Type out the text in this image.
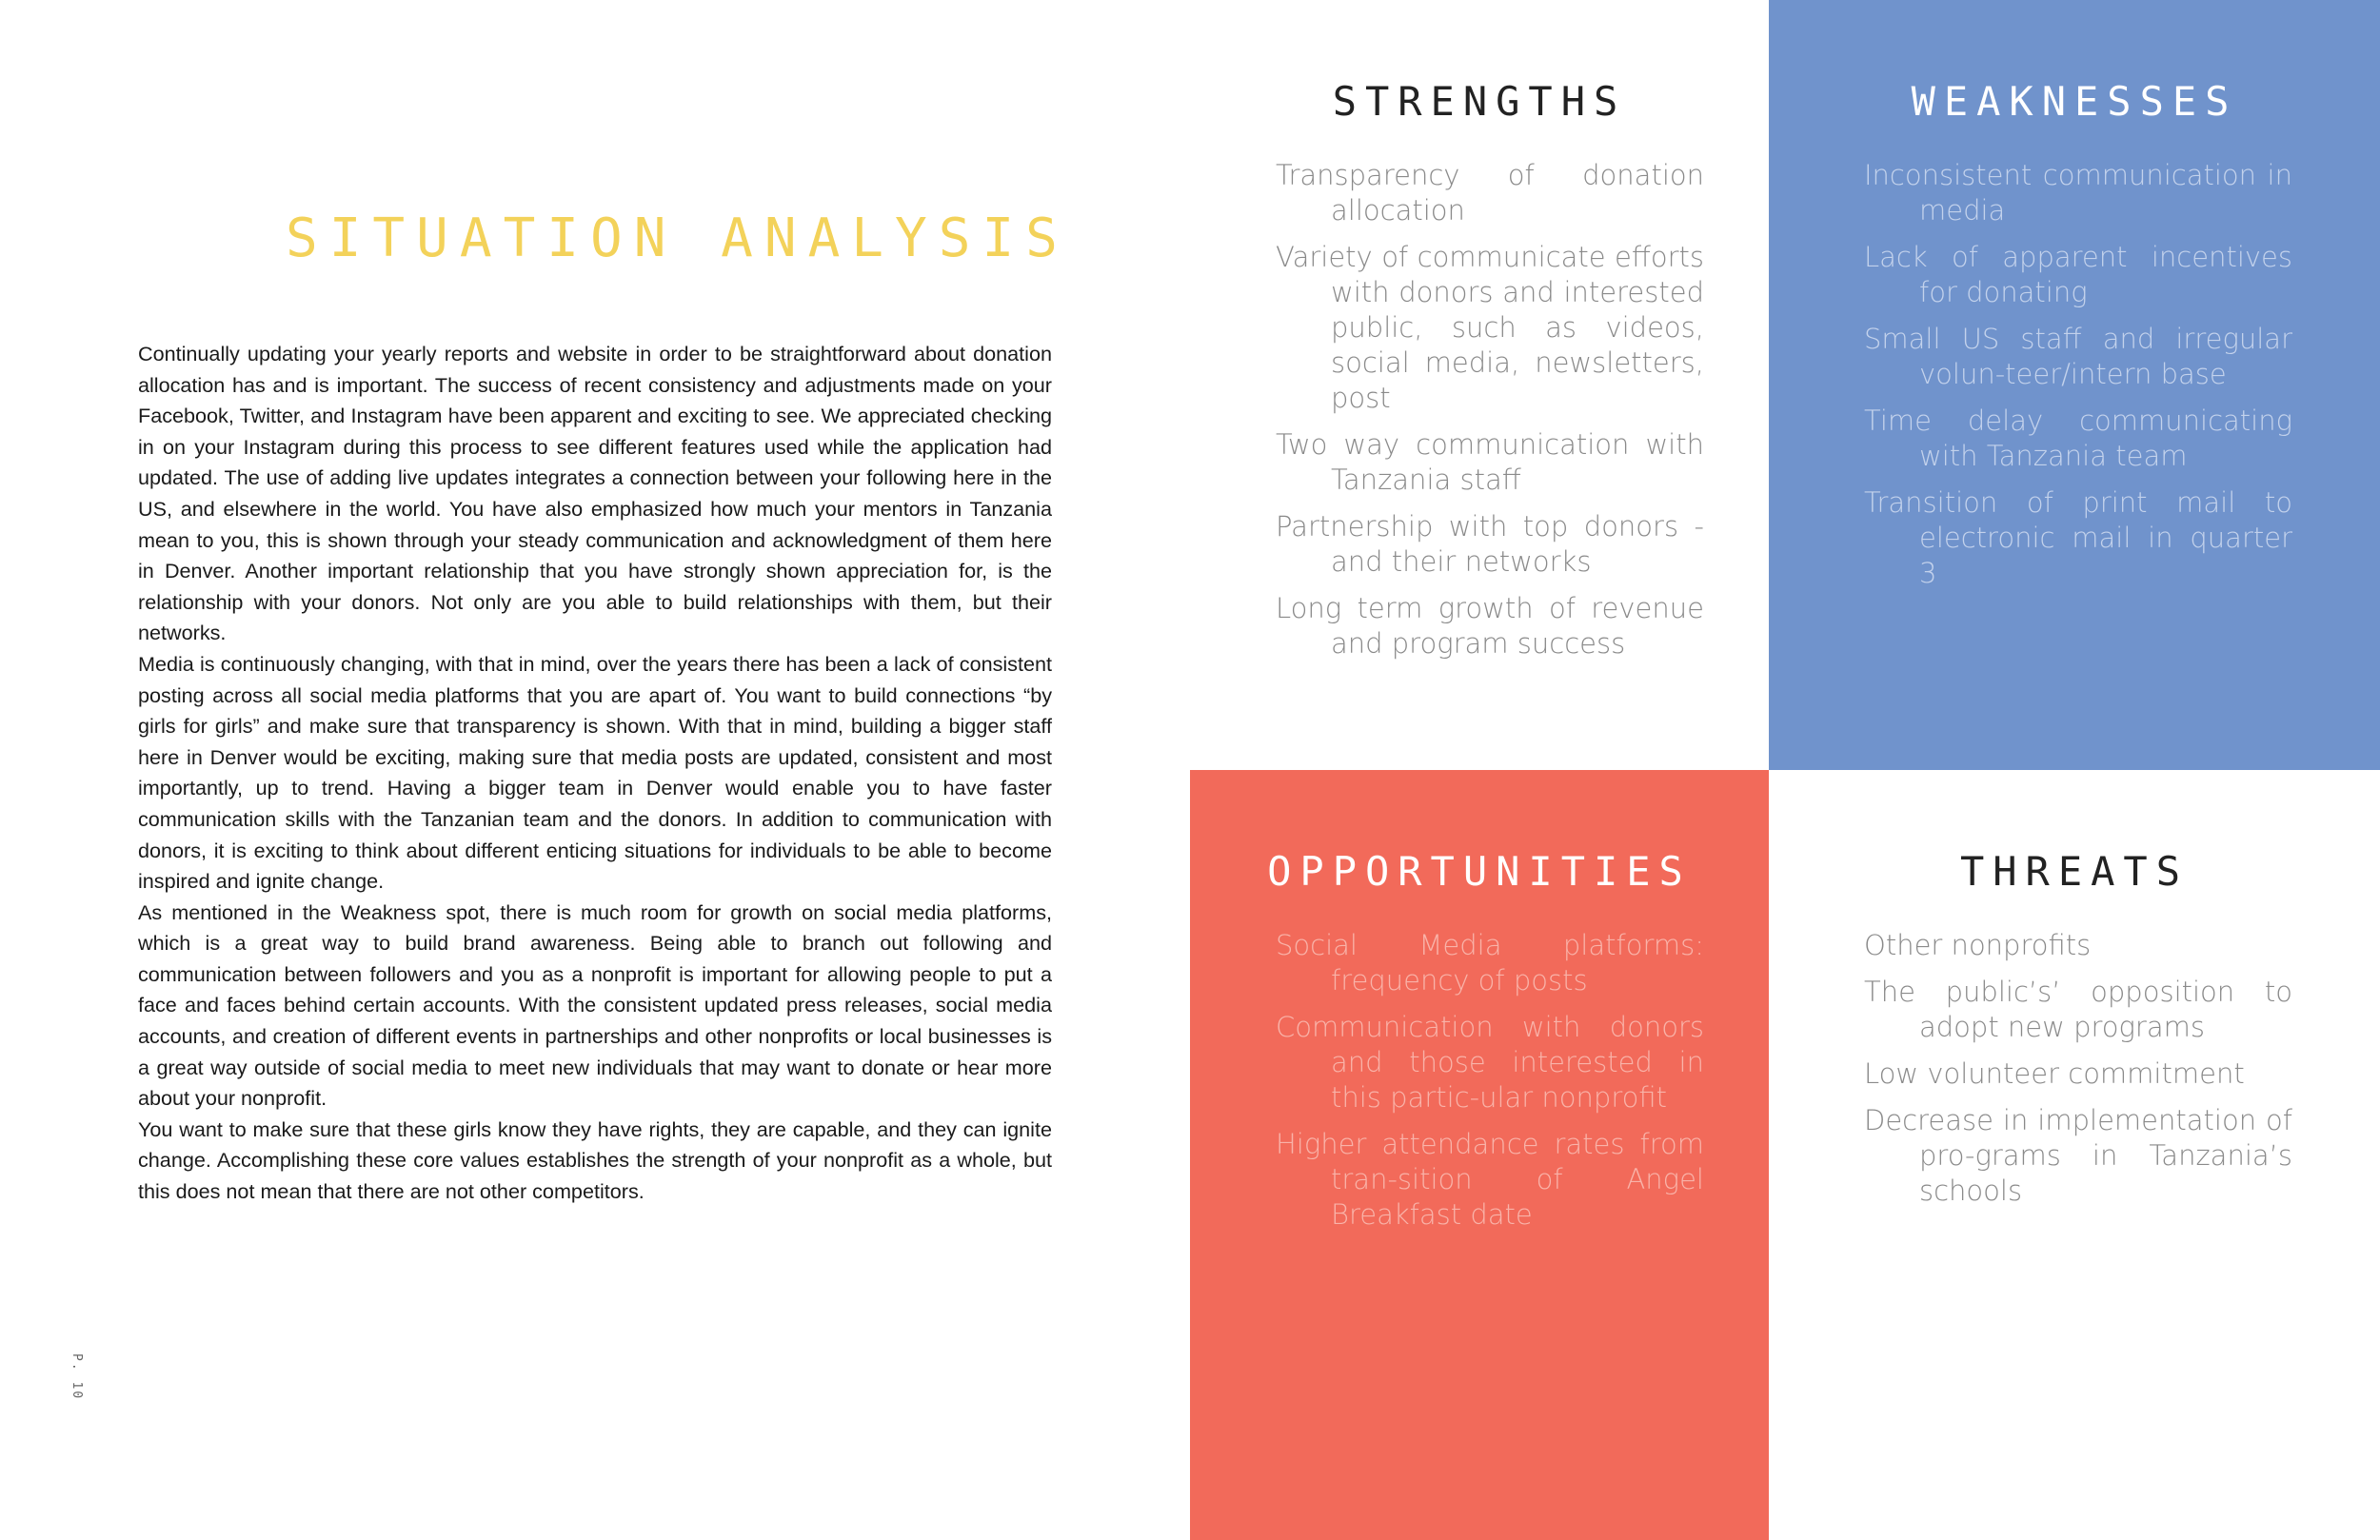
SITUATION ANALYSIS

Continually updating your yearly reports and website in order to be straightforward about donation allocation has and is important. The success of recent consistency and adjustments made on your Facebook, Twitter, and Instagram have been apparent and exciting to see. We appreciated checking in on your Instagram during this process to see different features used while the application had updated. The use of adding live updates integrates a connection between your following here in the US, and elsewhere in the world. You have also emphasized how much your mentors in Tanzania mean to you, this is shown through your steady communication and acknowledgment of them here in Denver. Another important relationship that you have strongly shown appreciation for, is the relationship with your donors. Not only are you able to build relationships with them, but their networks.

Media is continuously changing, with that in mind, over the years there has been a lack of consistent posting across all social media platforms that you are apart of. You want to build connections “by girls for girls” and make sure that transparency is shown. With that in mind, building a bigger staff here in Denver would be exciting, making sure that media posts are updated, consistent and most importantly, up to trend. Having a bigger team in Denver would enable you to have faster communication skills with the Tanzanian team and the donors. In addition to communication with donors, it is exciting to think about different enticing situations for individuals to be able to become inspired and ignite change.

As mentioned in the Weakness spot, there is much room for growth on social media platforms, which is a great way to build brand awareness. Being able to branch out following and communication between followers and you as a nonprofit is important for allowing people to put a face and faces behind certain accounts. With the consistent updated press releases, social media accounts, and creation of different events in partnerships and other nonprofits or local businesses is a great way outside of social media to meet new individuals that may want to donate or hear more about your nonprofit.

You want to make sure that these girls know they have rights, they are capable, and they can ignite change. Accomplishing these core values establishes the strength of your nonprofit as a whole, but this does not mean that there are not other competitors.

P. 10
STRENGTHS
Transparency of donation allocation
Variety of communicate efforts with donors and interested public, such as videos, social media, newsletters, post
Two way communication with Tanzania staff
Partnership with top donors - and their networks
Long term growth of revenue and program success
WEAKNESSES
Inconsistent communication in media
Lack of apparent incentives for donating
Small US staff and irregular volun-teer/intern base
Time delay communicating with Tanzania team
Transition of print mail to electronic mail in quarter 3
OPPORTUNITIES
Social Media platforms: frequency of posts
Communication with donors and those interested in this partic-ular nonprofit
Higher attendance rates from tran-sition of Angel Breakfast date
THREATS
Other nonprofits
The public’s’ opposition to adopt new programs
Low volunteer commitment
Decrease in implementation of pro-grams in Tanzania’s schools
